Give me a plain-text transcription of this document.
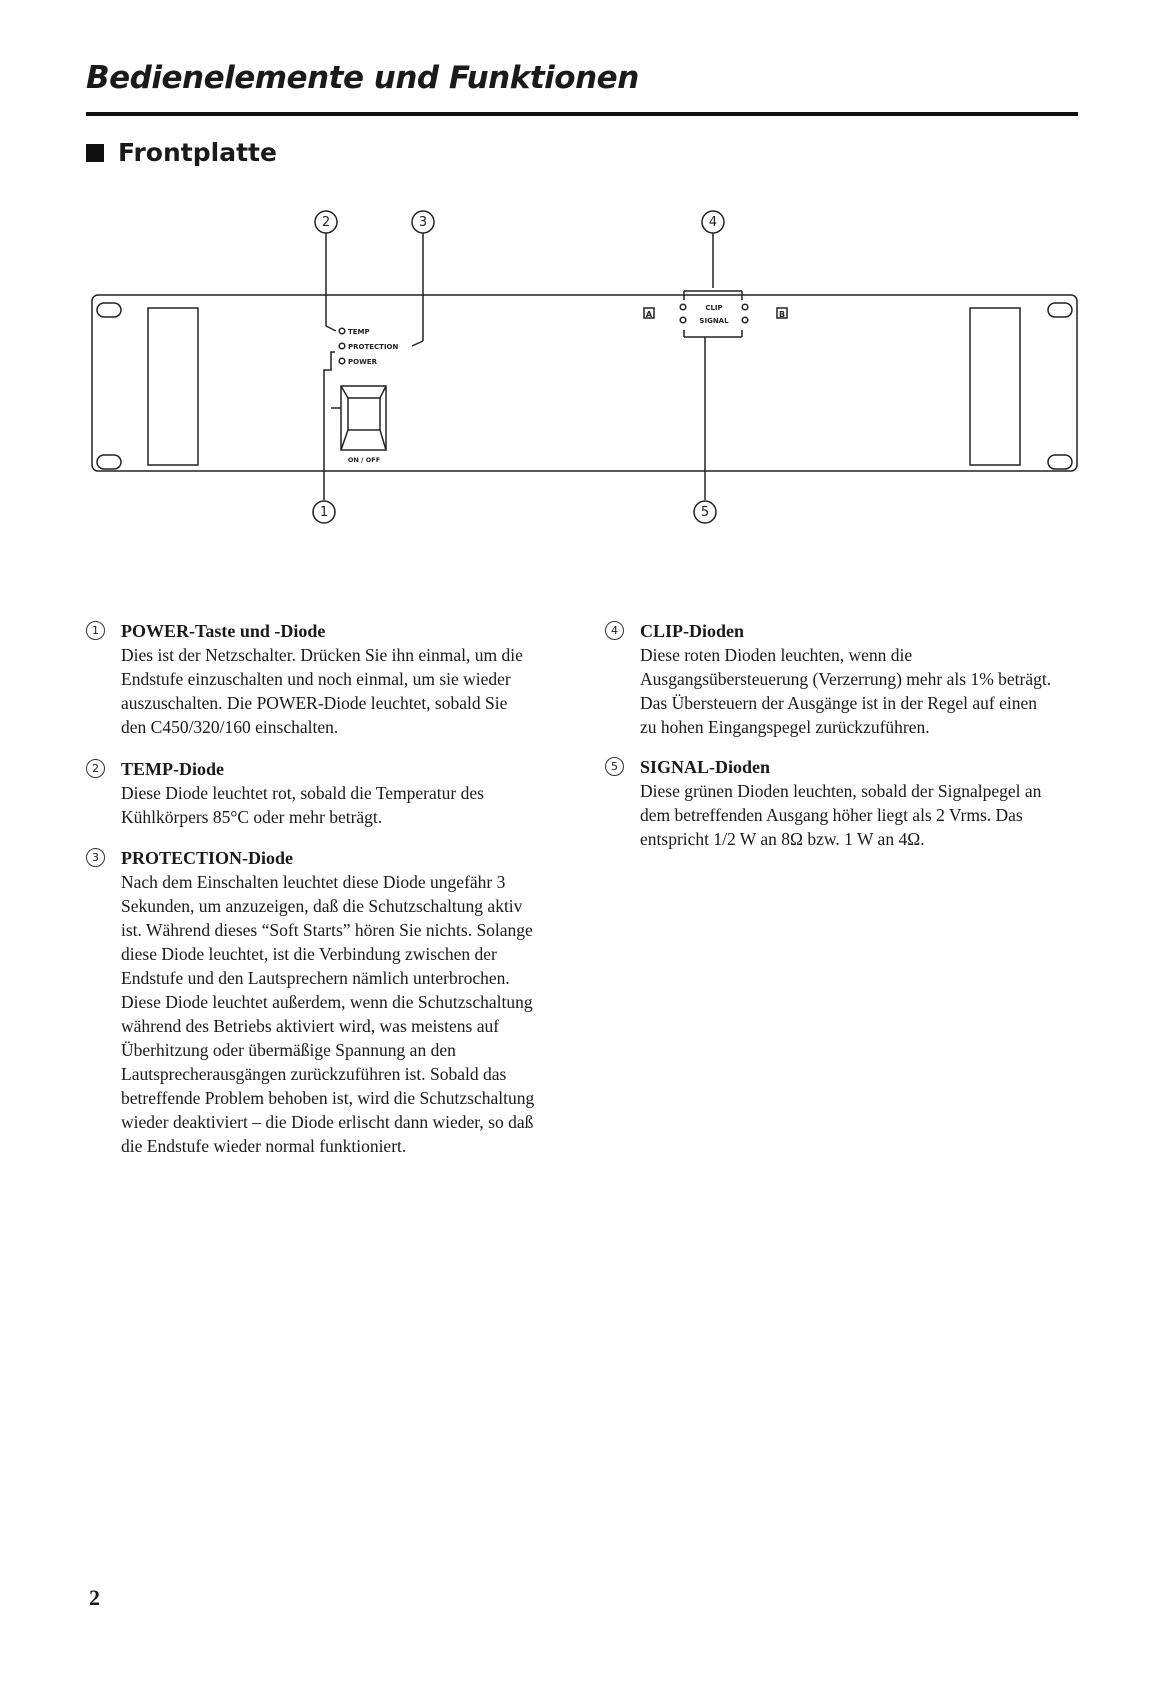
Bedienelemente und Funktionen
Frontplatte
2	3	4
1	5
A	B
ON / OFF
TEMP
PROTECTION
POWER
CLIP
SIGNAL
1	POWER-Taste und -Diode
Dies ist der Netzschalter. Drücken Sie ihn einmal, um die Endstufe einzuschalten und noch einmal, um sie wieder auszuschalten. Die POWER-Diode leuchtet, sobald Sie den C450/320/160 einschalten.
2	TEMP-Diode
Diese Diode leuchtet rot, sobald die Temperatur des Kühlkörpers 85°C oder mehr beträgt.
3	PROTECTION-Diode
Nach dem Einschalten leuchtet diese Diode ungefähr 3 Sekunden, um anzuzeigen, daß die Schutzschaltung aktiv ist. Während dieses “Soft Starts” hören Sie nichts. Solange diese Diode leuchtet, ist die Verbindung zwischen der Endstufe und den Lautsprechern nämlich unterbrochen. Diese Diode leuchtet außerdem, wenn die Schutzschaltung während des Betriebs aktiviert wird, was meistens auf Überhitzung oder übermäßige Spannung an den Lautsprecherausgängen zurückzuführen ist. Sobald das betreffende Problem behoben ist, wird die Schutzschaltung wieder deaktiviert – die Diode erlischt dann wieder, so daß die Endstufe wieder normal funktioniert.
4	CLIP-Dioden
Diese roten Dioden leuchten, wenn die Ausgangsübersteuerung (Verzerrung) mehr als 1% beträgt. Das Übersteuern der Ausgänge ist in der Regel auf einen zu hohen Eingangspegel zurückzuführen.
5	SIGNAL-Dioden
Diese grünen Dioden leuchten, sobald der Signalpegel an dem betreffenden Ausgang höher liegt als 2 Vrms. Das entspricht 1/2 W an 8Ω bzw. 1 W an 4Ω.
2
